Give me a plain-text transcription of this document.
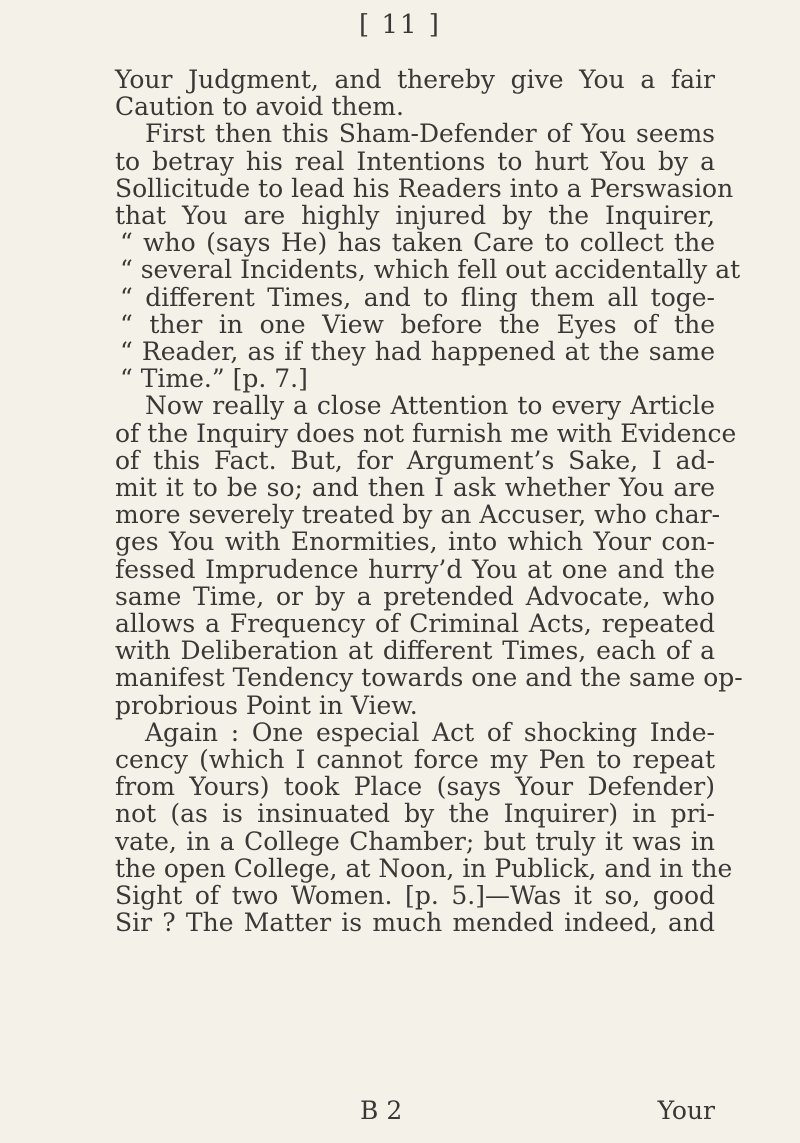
[ 11 ]
Your Judgment, and thereby give You a fair
Caution to avoid them.
First then this Sham-Defender of You seems
to betray his real Intentions to hurt You by a
Sollicitude to lead his Readers into a Perswasion
that You are highly injured by the Inquirer,
“ who (says He) has taken Care to collect the
“ several Incidents, which fell out accidentally at
“ different Times, and to fling them all toge-
“ ther in one View before the Eyes of the
“ Reader, as if they had happened at the same
“ Time.” [p. 7.]
Now really a close Attention to every Article
of the Inquiry does not furnish me with Evidence
of this Fact. But, for Argument’s Sake, I ad-
mit it to be so; and then I ask whether You are
more severely treated by an Accuser, who char-
ges You with Enormities, into which Your con-
fessed Imprudence hurry’d You at one and the
same Time, or by a pretended Advocate, who
allows a Frequency of Criminal Acts, repeated
with Deliberation at different Times, each of a
manifest Tendency towards one and the same op-
probrious Point in View.
Again : One especial Act of shocking Inde-
cency (which I cannot force my Pen to repeat
from Yours) took Place (says Your Defender)
not (as is insinuated by the Inquirer) in pri-
vate, in a College Chamber; but truly it was in
the open College, at Noon, in Publick, and in the
Sight of two Women. [p. 5.]—Was it so, good
Sir ? The Matter is much mended indeed, and
B 2	Your
